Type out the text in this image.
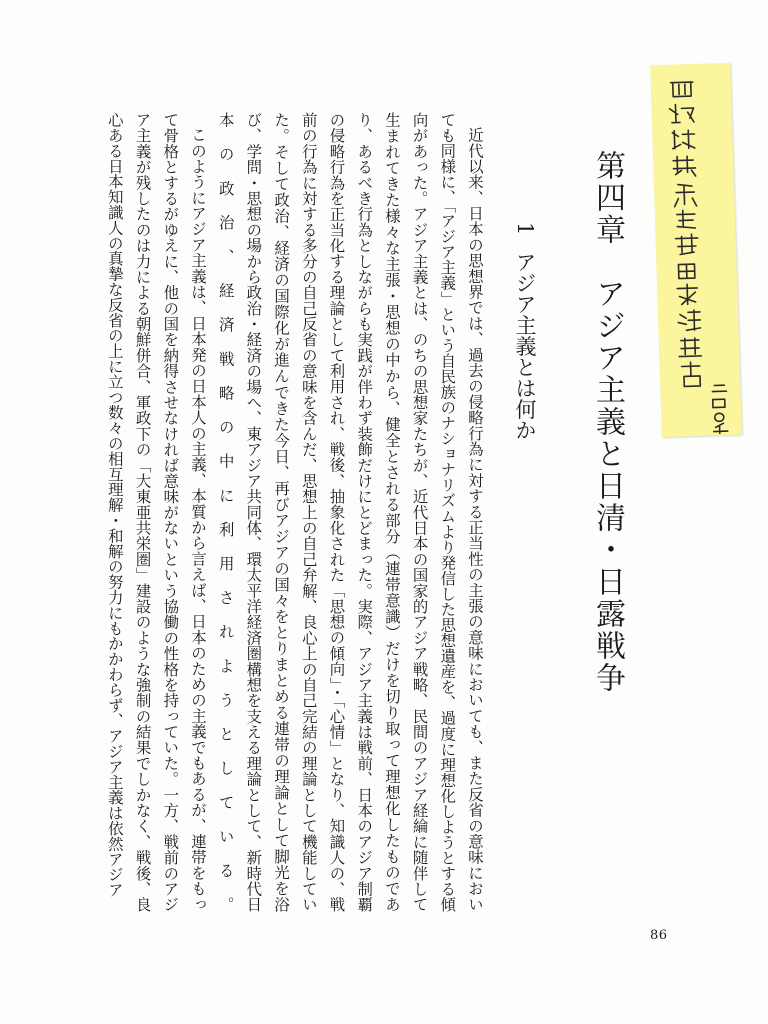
第四章　アジア主義と日清・日露戦争
1アジア主義とは何か

近代以来、日本の思想界では、過去の侵略行為に対する正当性の主張の意味においても、また反省の意味においても同様に、「アジア主義」という自民族のナショナリズムより発信した思想遺産を、過度に理想化しようとする傾向があった。アジア主義とは、のちの思想家たちが、近代日本の国家的アジア戦略、民間のアジア経綸に随伴して生まれてきた様々な主張・思想の中から、健全とされる部分（連帯意識）だけを切り取って理想化したものであり、あるべき行為としながらも実践が伴わず装飾だけにとどまった。実際、アジア主義は戦前、日本のアジア制覇の侵略行為を正当化する理論として利用され、戦後、抽象化された「思想の傾向」・「心情」となり、知識人の、戦前の行為に対する多分の自己反省の意味を含んだ、思想上の自己弁解、良心上の自己完結の理論として機能していた。そして政治、経済の国際化が進んできた今日、再びアジアの国々をとりまとめる連帯の理論として脚光を浴び、学問・思想の場から政治・経済の場へ、東アジア共同体、環太平洋経済圏構想を支える理論として、新時代日本の政治、経済戦略の中に利用されようとしている。

このようにアジア主義は、日本発の日本人の主義、本質から言えば、日本のための主義でもあるが、連帯をもって骨格とするがゆえに、他の国を納得させなければ意味がないという協働の性格を持っていた。一方、戦前のアジア主義が残したのは力による朝鮮併合、軍政下の「大東亜共栄圏」建設のような強制の結果でしかなく、戦後、良心ある日本知識人の真摯な反省の上に立つ数々の相互理解・和解の努力にもかかわらず、アジア主義は依然アジア

86
